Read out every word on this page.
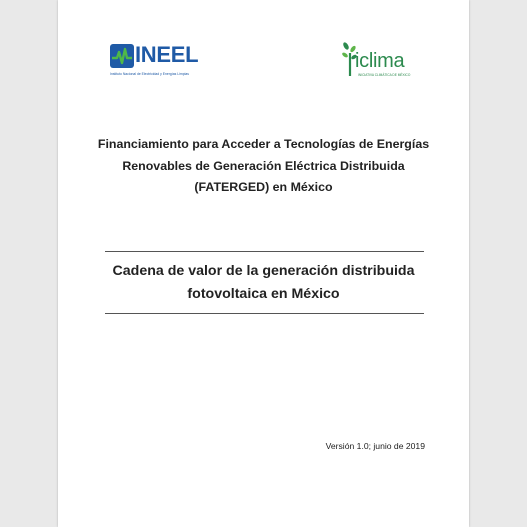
INEEL
Instituto Nacional de Electricidad y Energías Limpias
iclima
INICIATIVA CLIMÁTICA DE MÉXICO
Financiamiento para Acceder a Tecnologías de Energías
Renovables de Generación Eléctrica Distribuida
(FATERGED) en México
Cadena de valor de la generación distribuida
fotovoltaica en México
Versión 1.0; junio de 2019
